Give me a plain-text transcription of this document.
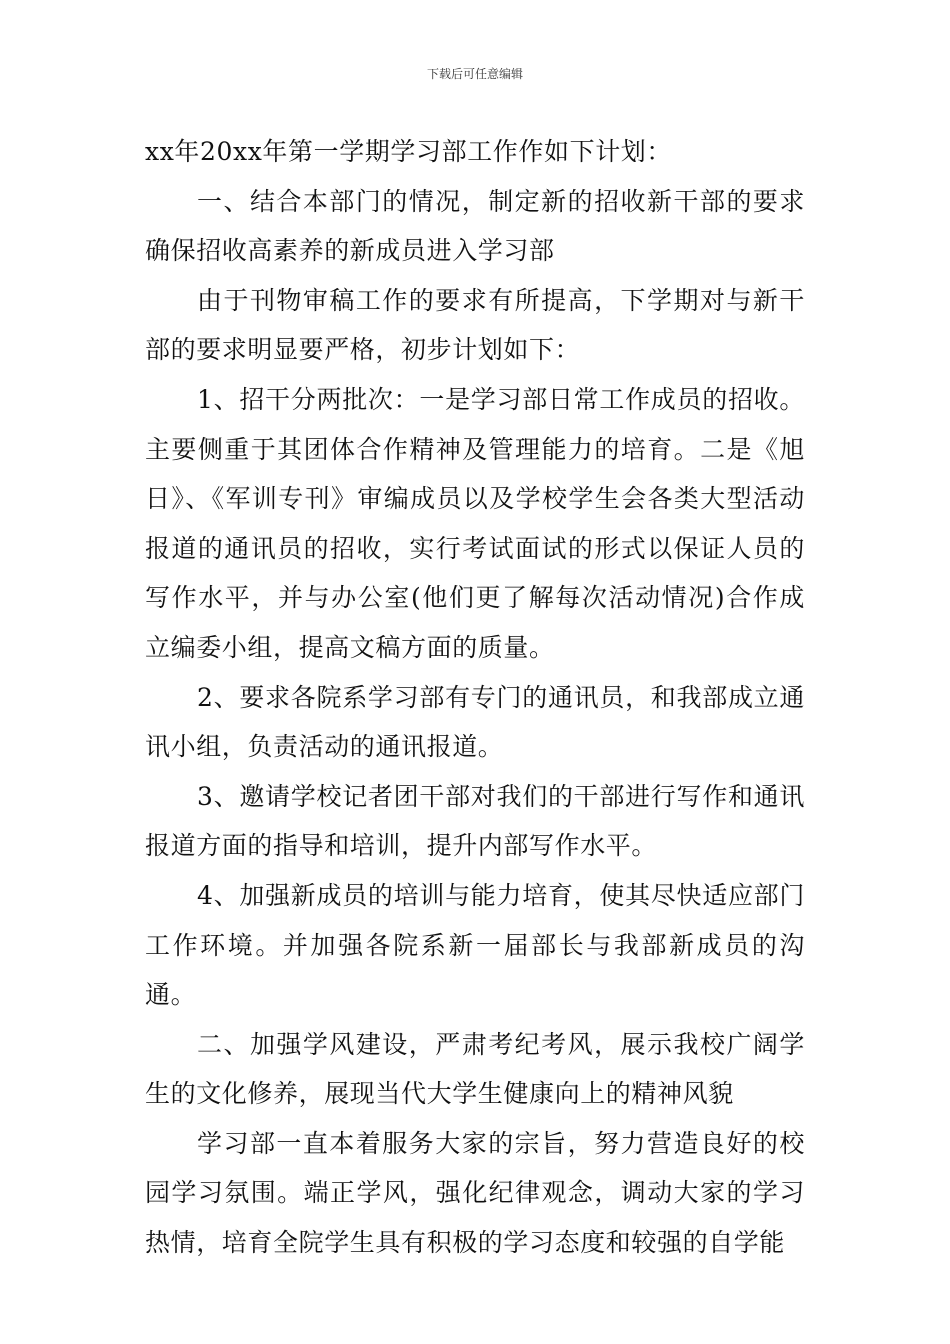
下载后可任意编辑

xx年20xx年第一学期学习部工作作如下计划：

一、结合本部门的情况，制定新的招收新干部的要求确保招收高素养的新成员进入学习部

由于刊物审稿工作的要求有所提高，下学期对与新干部的要求明显要严格，初步计划如下：

1、招干分两批次：一是学习部日常工作成员的招收。主要侧重于其团体合作精神及管理能力的培育。二是《旭日》、《军训专刊》审编成员以及学校学生会各类大型活动报道的通讯员的招收，实行考试面试的形式以保证人员的写作水平，并与办公室(他们更了解每次活动情况)合作成立编委小组，提高文稿方面的质量。

2、要求各院系学习部有专门的通讯员，和我部成立通讯小组，负责活动的通讯报道。

3、邀请学校记者团干部对我们的干部进行写作和通讯报道方面的指导和培训，提升内部写作水平。

4、加强新成员的培训与能力培育，使其尽快适应部门工作环境。并加强各院系新一届部长与我部新成员的沟通。

二、加强学风建设，严肃考纪考风，展示我校广阔学生的文化修养，展现当代大学生健康向上的精神风貌

学习部一直本着服务大家的宗旨，努力营造良好的校园学习氛围。端正学风，强化纪律观念，调动大家的学习热情，培育全院学生具有积极的学习态度和较强的自学能
